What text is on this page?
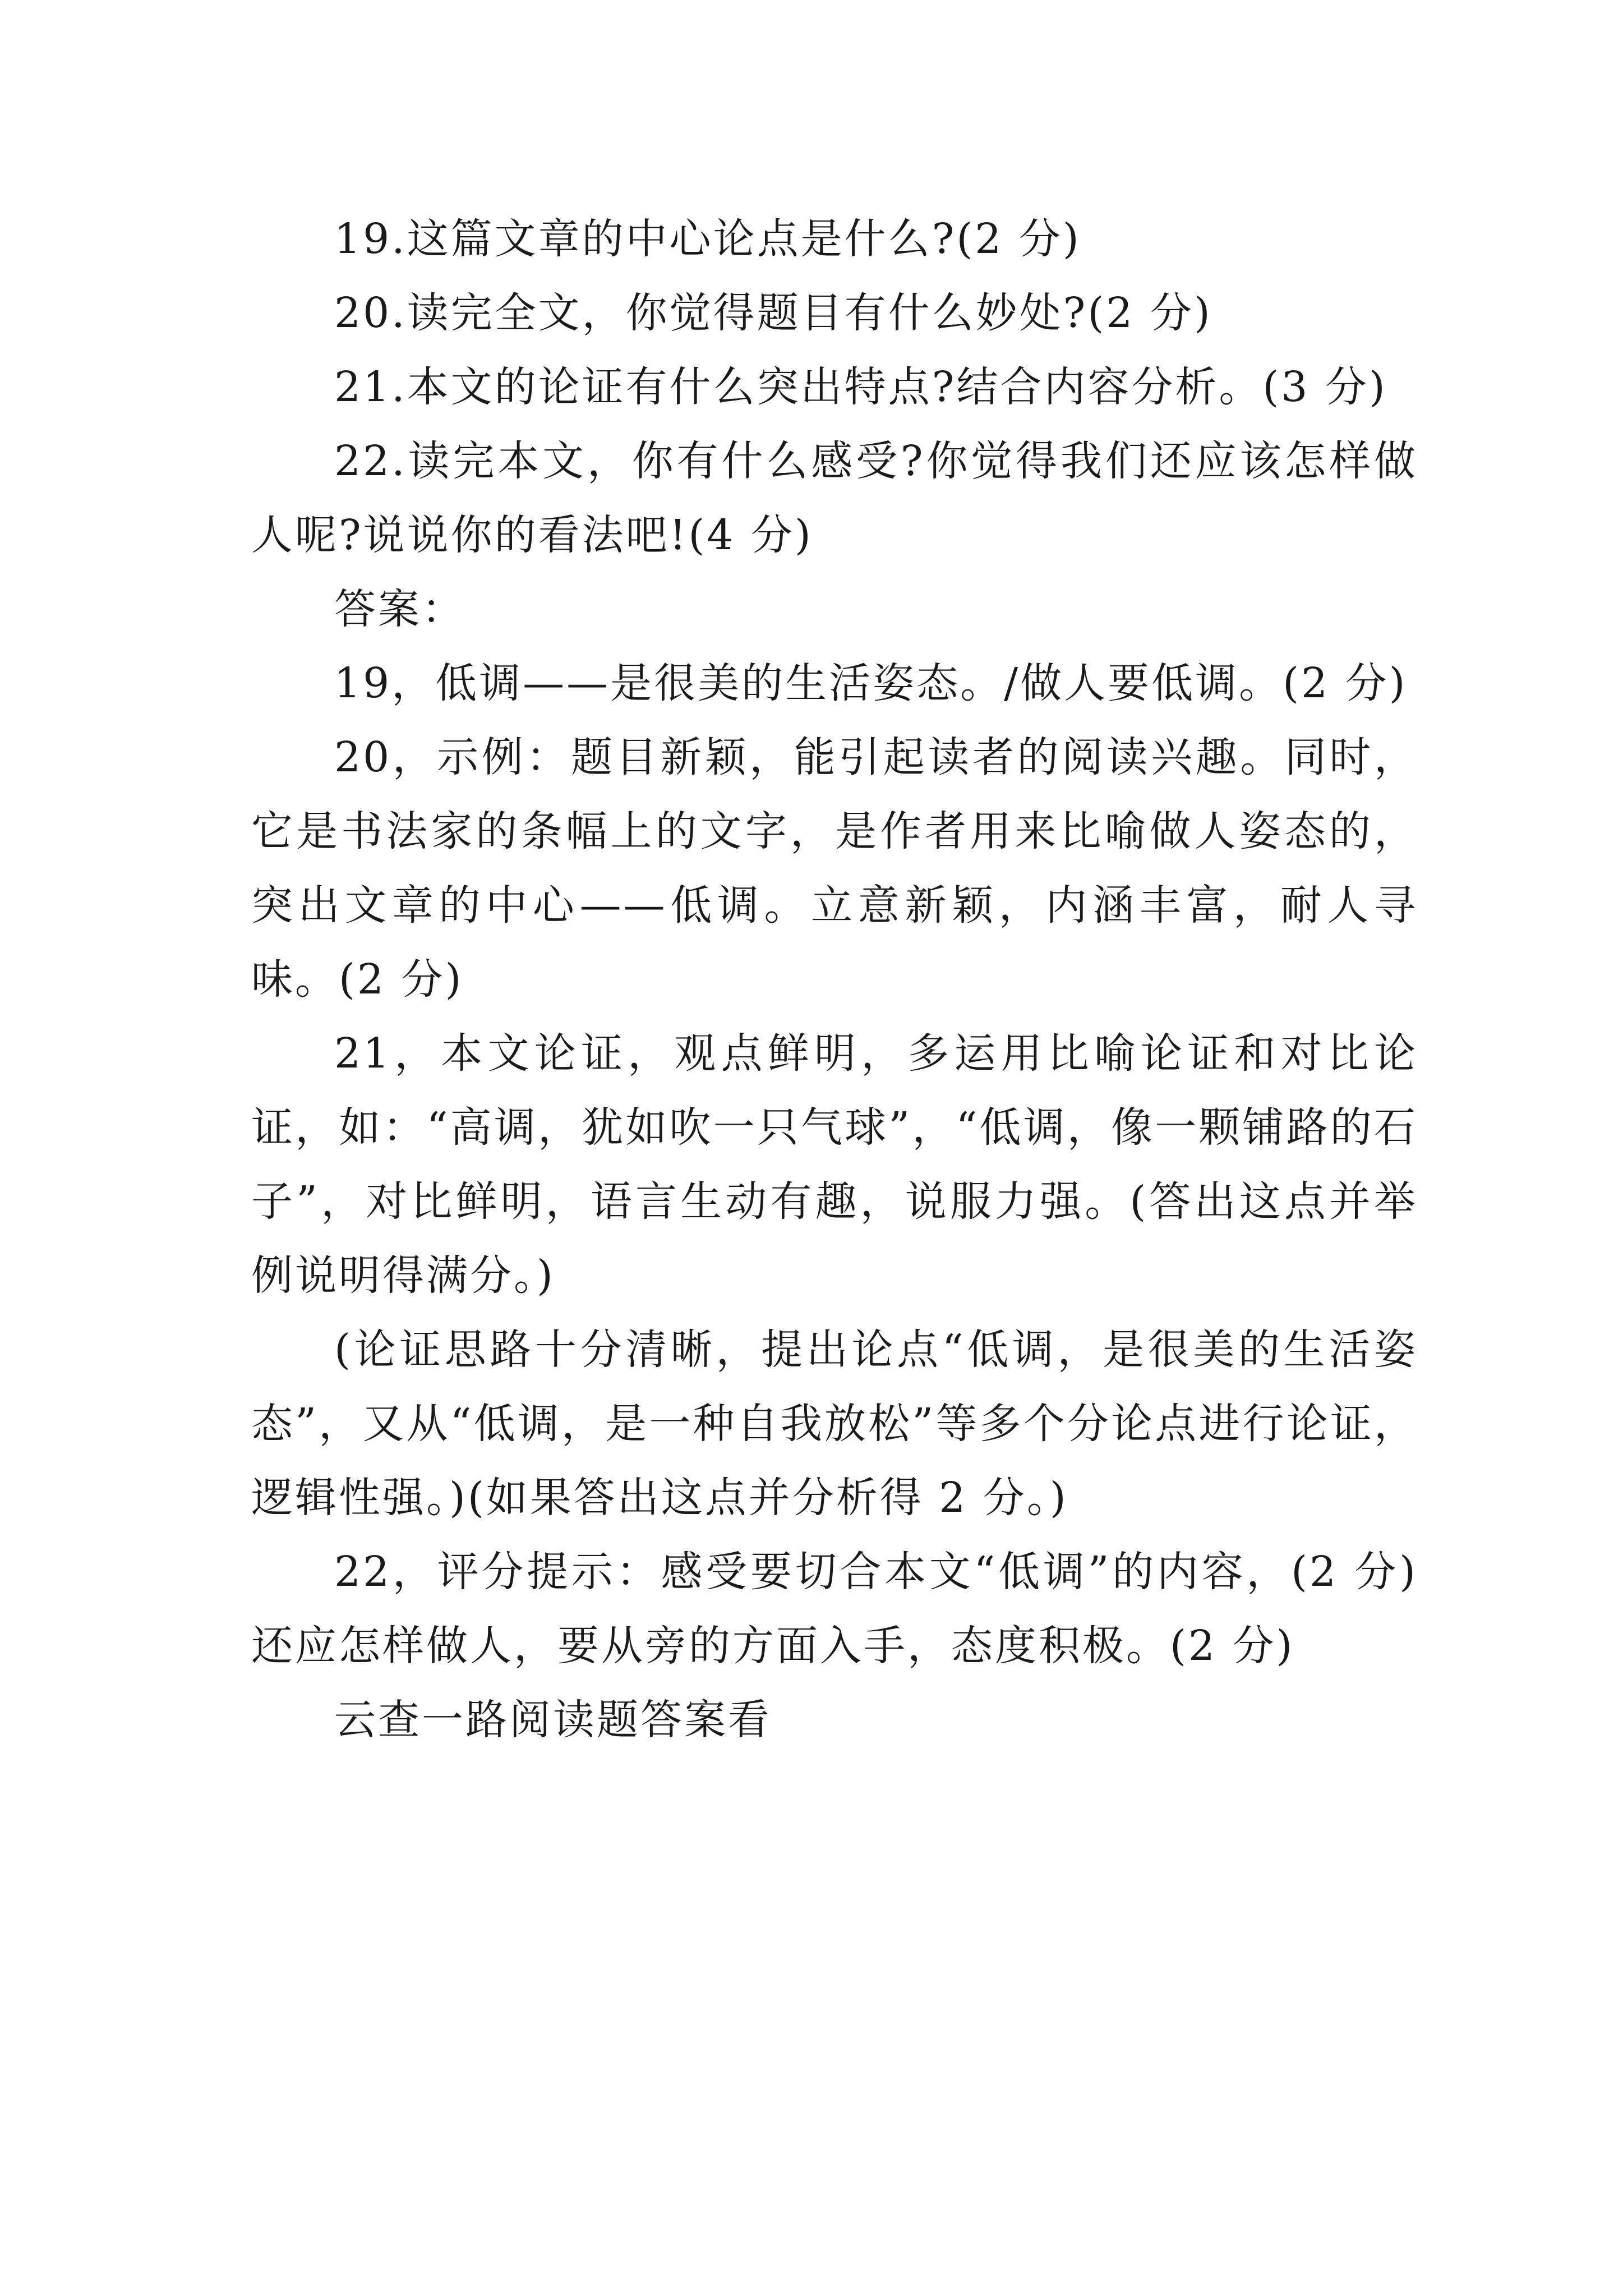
19.这篇文章的中心论点是什么?(2 分)

20.读完全文，你觉得题目有什么妙处?(2 分)

21.本文的论证有什么突出特点?结合内容分析。(3 分)

22.读完本文，你有什么感受?你觉得我们还应该怎样做人呢?说说你的看法吧!(4 分)

答案：

19，低调——是很美的生活姿态。/做人要低调。(2 分)

20，示例：题目新颖，能引起读者的阅读兴趣。同时，它是书法家的条幅上的文字，是作者用来比喻做人姿态的，突出文章的中心——低调。立意新颖，内涵丰富，耐人寻味。(2 分)

21，本文论证，观点鲜明，多运用比喻论证和对比论证，如：“高调，犹如吹一只气球”，“低调，像一颗铺路的石子”，对比鲜明，语言生动有趣，说服力强。(答出这点并举例说明得满分。)

(论证思路十分清晰，提出论点“低调，是很美的生活姿态”，又从“低调，是一种自我放松”等多个分论点进行论证，逻辑性强。)(如果答出这点并分析得 2 分。)

22，评分提示：感受要切合本文“低调”的内容，(2 分)还应怎样做人，要从旁的方面入手，态度积极。(2 分)

云查一路阅读题答案看
